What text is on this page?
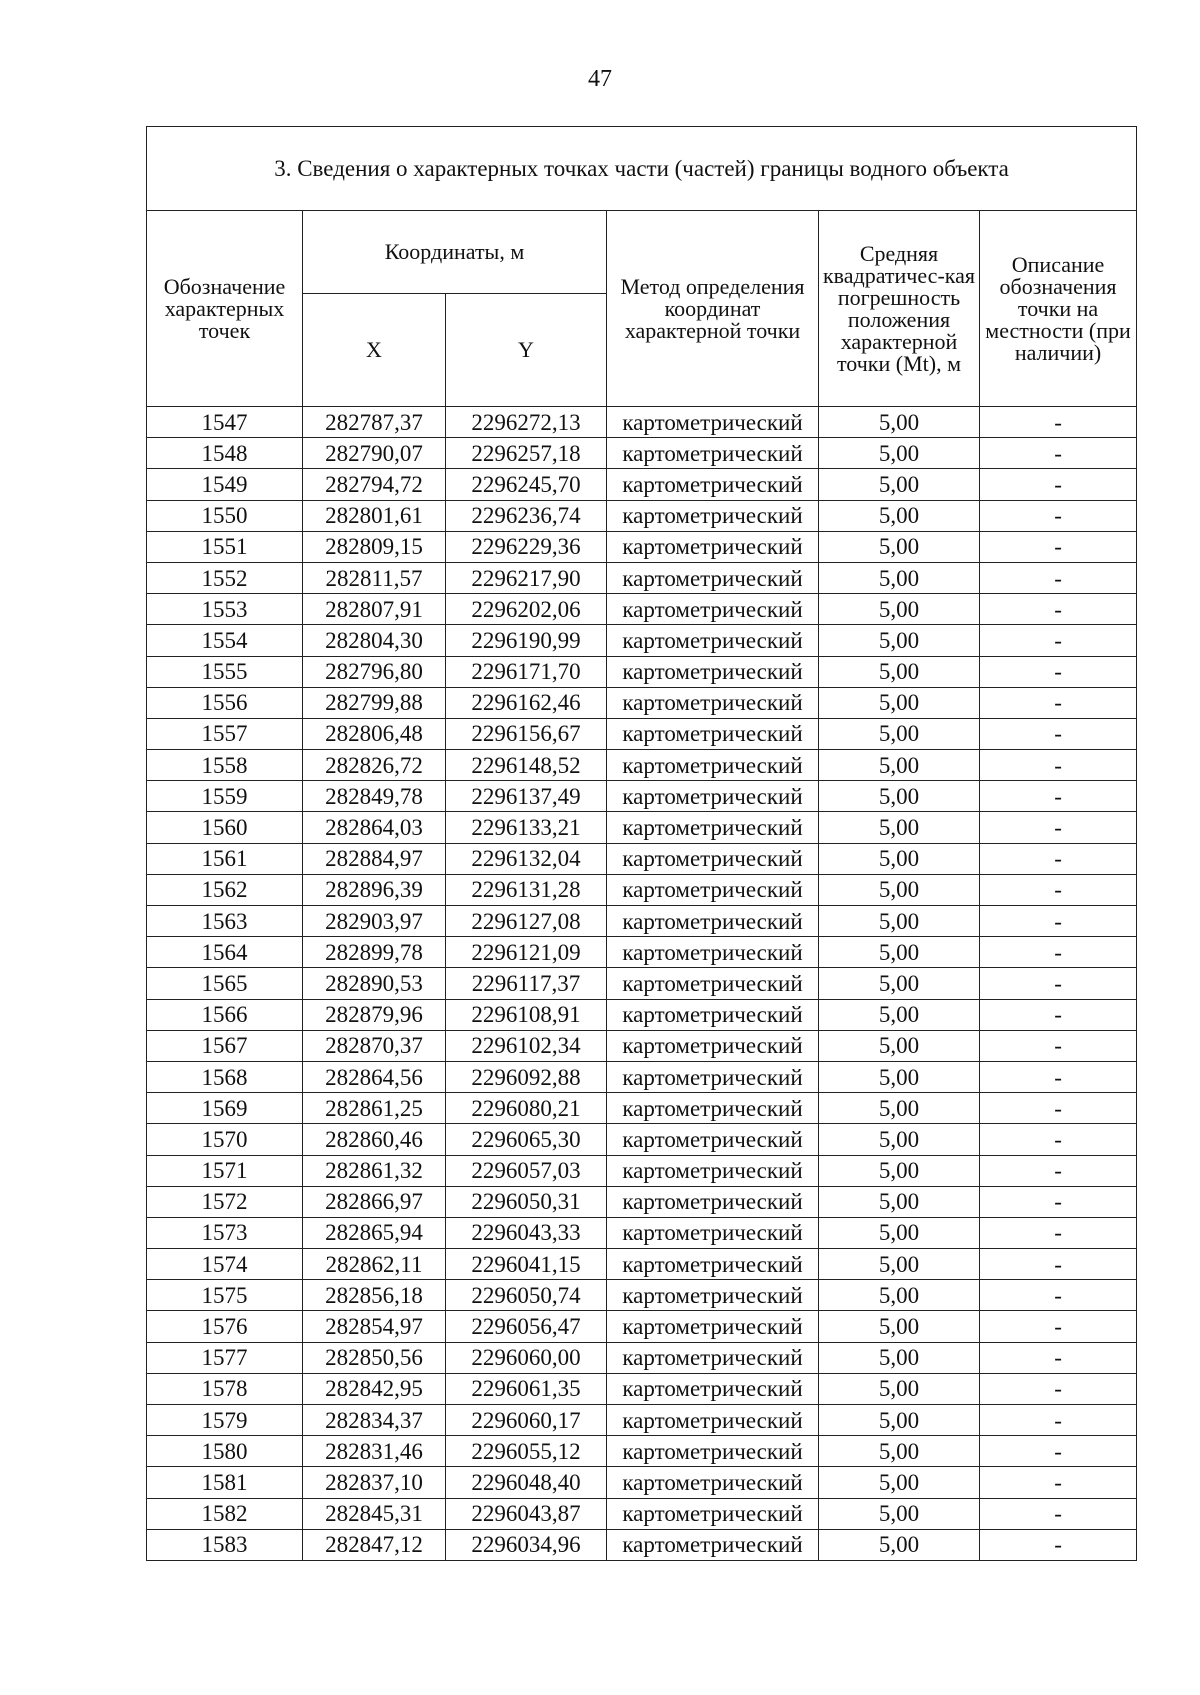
47
3. Сведения о характерных точках части (частей) границы водного объекта					
Обозначение характерных точек	Координаты, м		Метод определения координат характерной точки	Средняя квадратичес-кая погрешность положения характерной точки (Mt), м	Описание обозначения точки на местности (при наличии)
	X	Y			
1547	282787,37	2296272,13	картометрический	5,00	-
1548	282790,07	2296257,18	картометрический	5,00	-
1549	282794,72	2296245,70	картометрический	5,00	-
1550	282801,61	2296236,74	картометрический	5,00	-
1551	282809,15	2296229,36	картометрический	5,00	-
1552	282811,57	2296217,90	картометрический	5,00	-
1553	282807,91	2296202,06	картометрический	5,00	-
1554	282804,30	2296190,99	картометрический	5,00	-
1555	282796,80	2296171,70	картометрический	5,00	-
1556	282799,88	2296162,46	картометрический	5,00	-
1557	282806,48	2296156,67	картометрический	5,00	-
1558	282826,72	2296148,52	картометрический	5,00	-
1559	282849,78	2296137,49	картометрический	5,00	-
1560	282864,03	2296133,21	картометрический	5,00	-
1561	282884,97	2296132,04	картометрический	5,00	-
1562	282896,39	2296131,28	картометрический	5,00	-
1563	282903,97	2296127,08	картометрический	5,00	-
1564	282899,78	2296121,09	картометрический	5,00	-
1565	282890,53	2296117,37	картометрический	5,00	-
1566	282879,96	2296108,91	картометрический	5,00	-
1567	282870,37	2296102,34	картометрический	5,00	-
1568	282864,56	2296092,88	картометрический	5,00	-
1569	282861,25	2296080,21	картометрический	5,00	-
1570	282860,46	2296065,30	картометрический	5,00	-
1571	282861,32	2296057,03	картометрический	5,00	-
1572	282866,97	2296050,31	картометрический	5,00	-
1573	282865,94	2296043,33	картометрический	5,00	-
1574	282862,11	2296041,15	картометрический	5,00	-
1575	282856,18	2296050,74	картометрический	5,00	-
1576	282854,97	2296056,47	картометрический	5,00	-
1577	282850,56	2296060,00	картометрический	5,00	-
1578	282842,95	2296061,35	картометрический	5,00	-
1579	282834,37	2296060,17	картометрический	5,00	-
1580	282831,46	2296055,12	картометрический	5,00	-
1581	282837,10	2296048,40	картометрический	5,00	-
1582	282845,31	2296043,87	картометрический	5,00	-
1583	282847,12	2296034,96	картометрический	5,00	-
